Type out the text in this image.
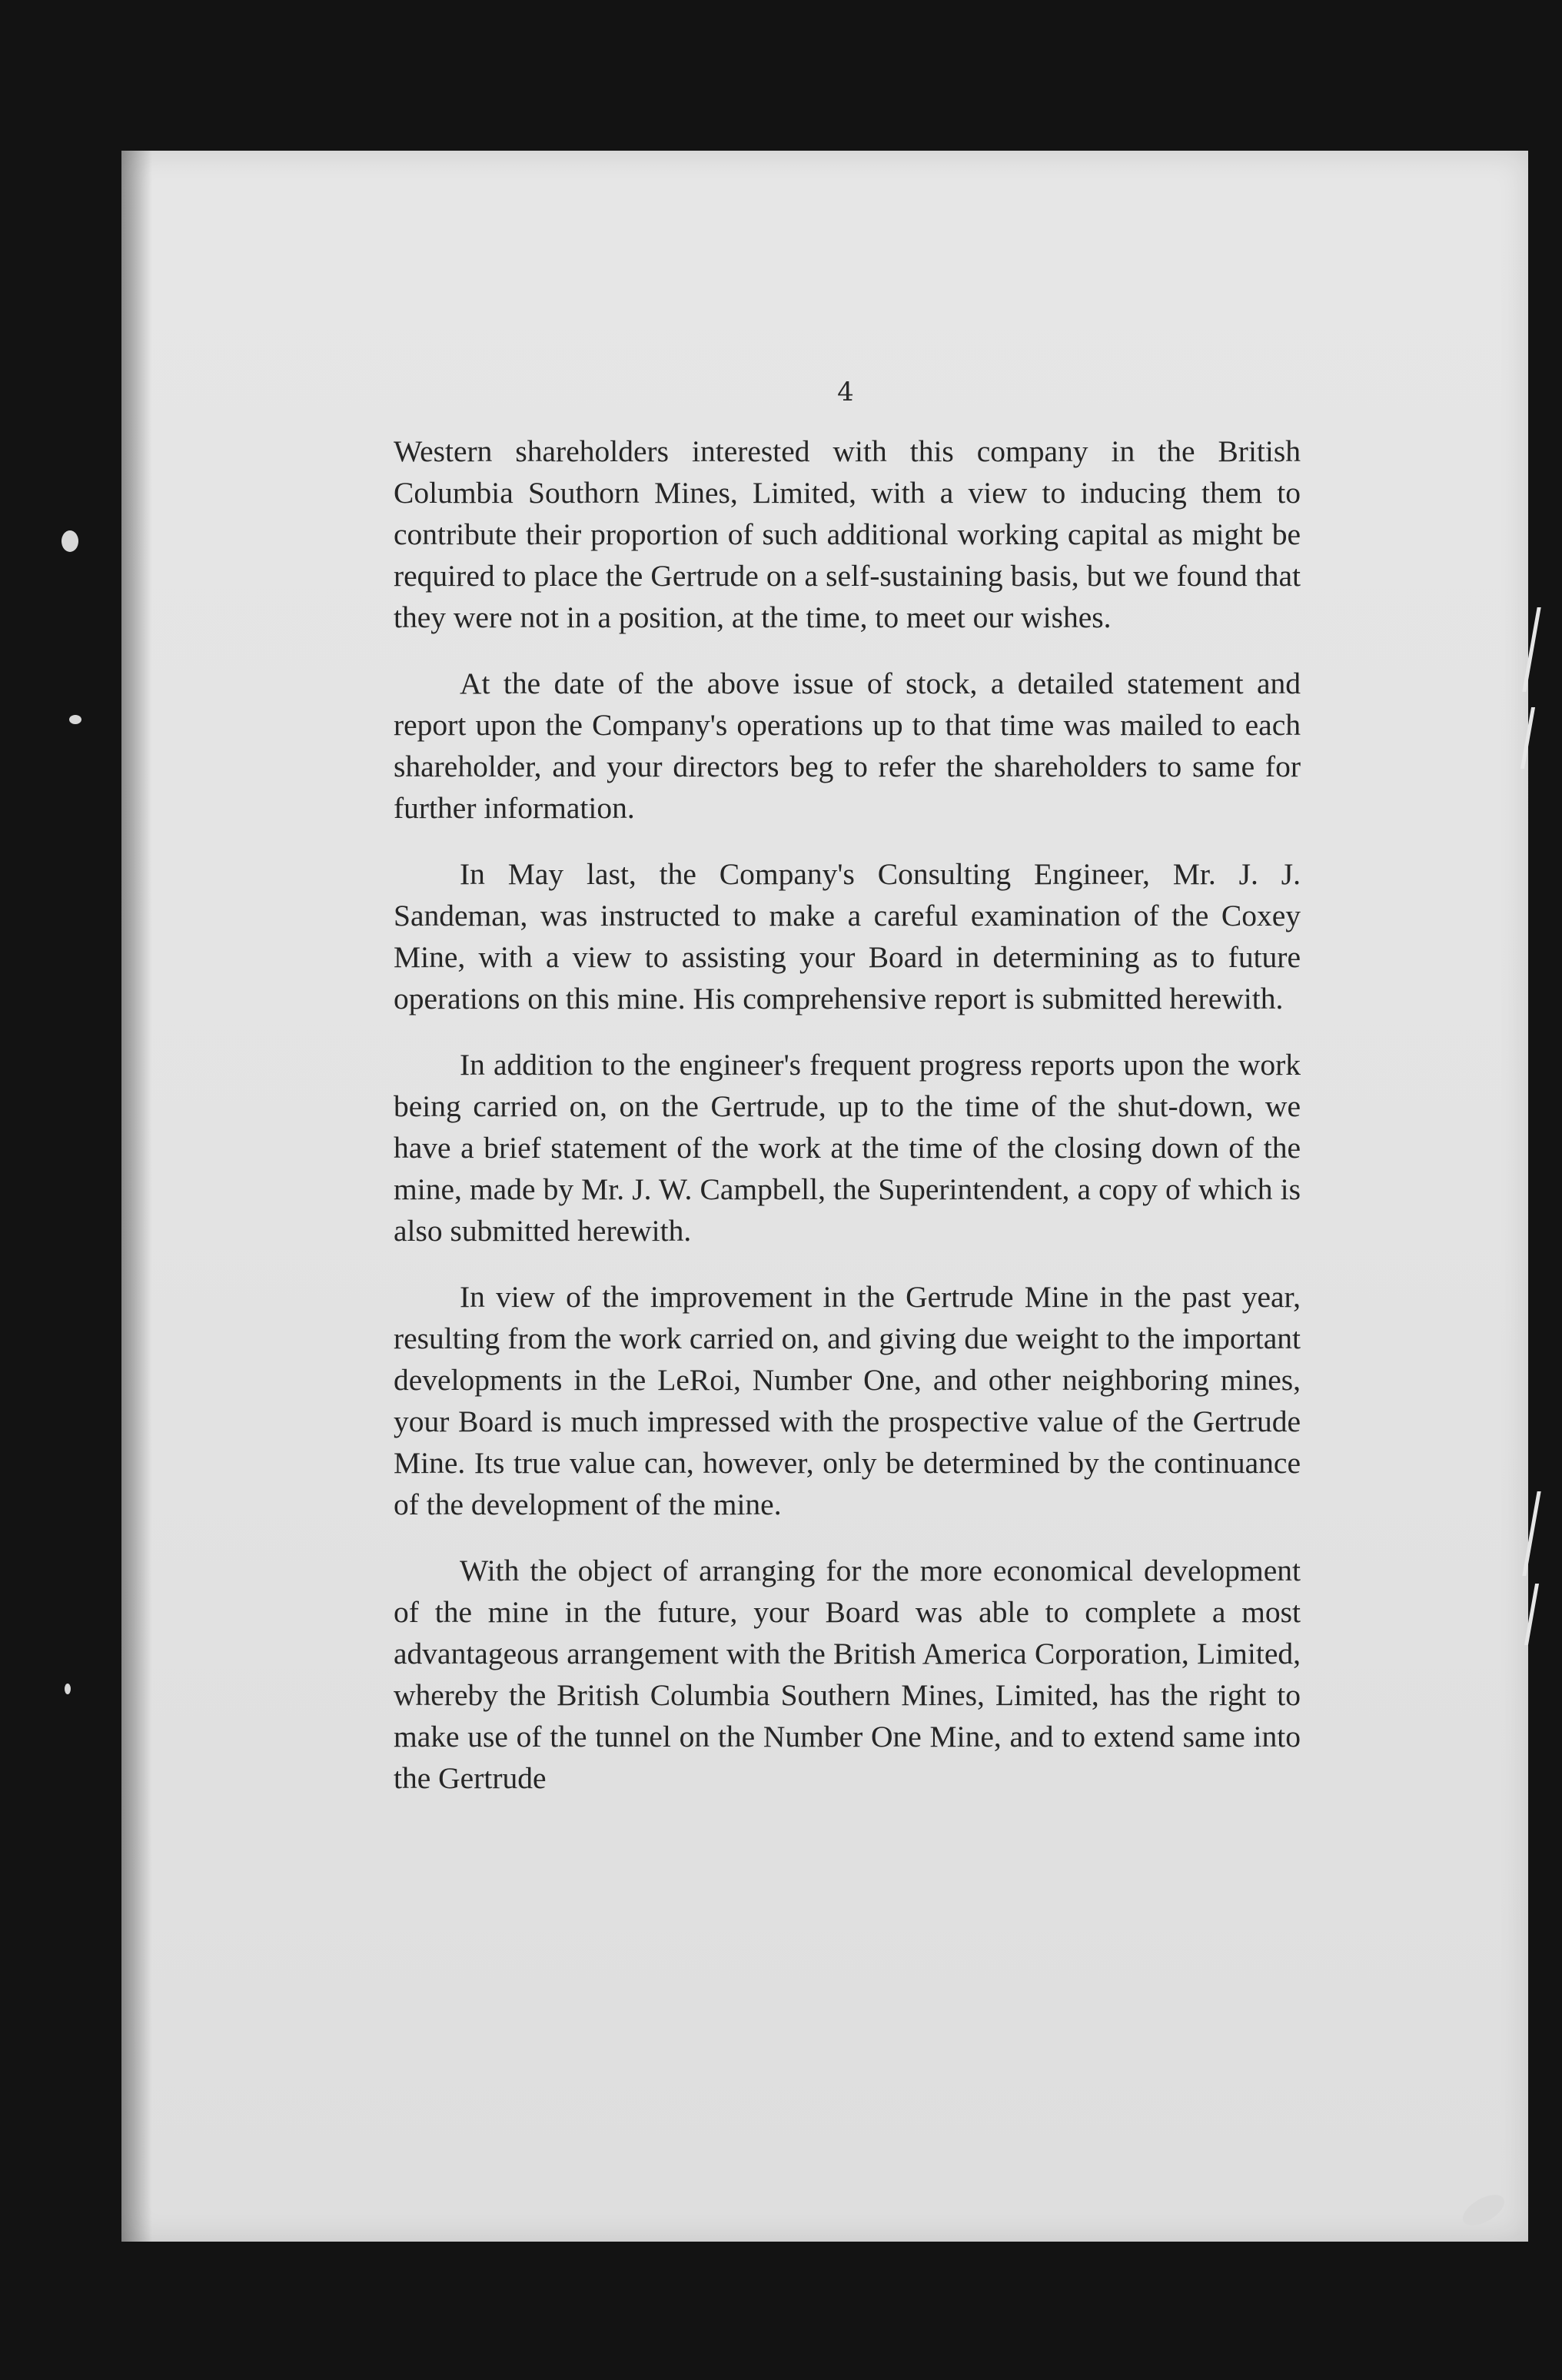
4

Western shareholders interested with this company in the British Columbia Southorn Mines, Limited, with a view to inducing them to contribute their proportion of such additional working capital as might be required to place the Gertrude on a self-sustaining basis, but we found that they were not in a position, at the time, to meet our wishes.

At the date of the above issue of stock, a detailed statement and report upon the Company's operations up to that time was mailed to each shareholder, and your directors beg to refer the shareholders to same for further information.

In May last, the Company's Consulting Engineer, Mr. J. J. Sandeman, was instructed to make a careful examination of the Coxey Mine, with a view to assisting your Board in determining as to future operations on this mine. His comprehensive report is submitted herewith.

In addition to the engineer's frequent progress reports upon the work being carried on, on the Gertrude, up to the time of the shut-down, we have a brief statement of the work at the time of the closing down of the mine, made by Mr. J. W. Campbell, the Superintendent, a copy of which is also submitted herewith.

In view of the improvement in the Gertrude Mine in the past year, resulting from the work carried on, and giving due weight to the important developments in the LeRoi, Number One, and other neighboring mines, your Board is much impressed with the prospective value of the Gertrude Mine. Its true value can, however, only be determined by the continuance of the development of the mine.

With the object of arranging for the more economical development of the mine in the future, your Board was able to complete a most advantageous arrangement with the British America Corporation, Limited, whereby the British Columbia Southern Mines, Limited, has the right to make use of the tunnel on the Number One Mine, and to extend same into the Gertrude
